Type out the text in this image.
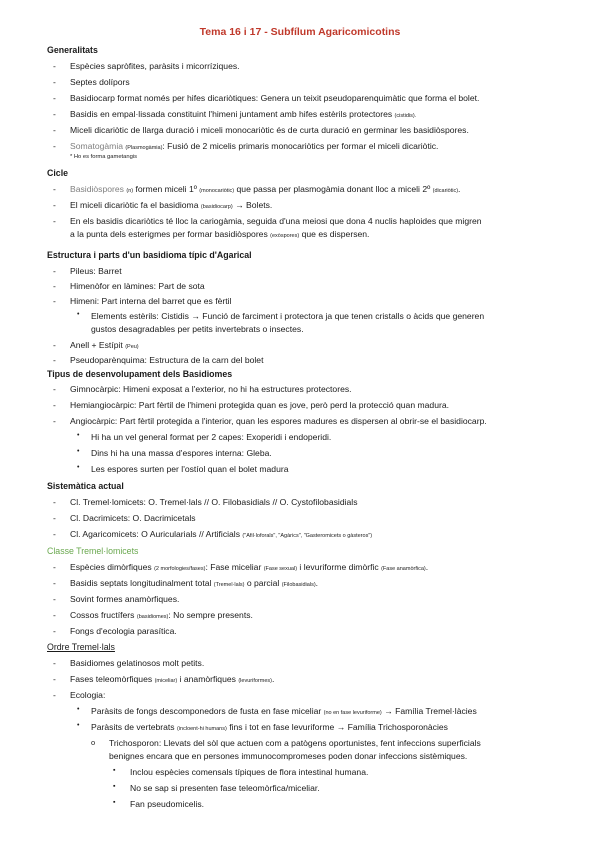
Tema 16 i 17 - Subfílum Agaricomicotins
Generalitats
- Espècies sapròfites, paràsits i micorríziques.
- Septes dolípors
- Basidiocarp format només per hifes dicariòtiques: Genera un teixit pseudoparenquimàtic que forma el bolet.
- Basidis en empal·lissada constituint l'himeni juntament amb hifes estèrils protectores (cistidis).
- Miceli dicariòtic de llarga duració i miceli monocariòtic és de curta duració en germinar les basidiòspores.
- Somatogàmia (Plasmogàmia): Fusió de 2 micelis primaris monocariòtics per formar el miceli dicariòtic.
* Ho es forma gametangis
Cicle
- Basidiòspores (n) formen miceli 1º (monocariòtic) que passa per plasmogàmia donant lloc a miceli 2º (dicariòtic).
- El miceli dicariòtic fa el basidioma (basidiocarp) → Bolets.
- En els basidis dicariòtics té lloc la cariogàmia, seguida d'una meiosi que dona 4 nuclis haploides que migren
a la punta dels esterigmes per formar basidiòspores (exòspores) que es dispersen.
Estructura i parts d'un basidioma típic d'Agarical
- Pileus: Barret
- Himenòfor en làmines: Part de sota
- Himeni: Part interna del barret que es fèrtil
• Elements estèrils: Cistidis → Funció de farciment i protectora ja que tenen cristalls o àcids que generen
gustos desagradables per petits invertebrats o insectes.
- Anell + Estípit (Peu)
- Pseudoparènquima: Estructura de la carn del bolet
Tipus de desenvolupament dels Basidiomes
- Gimnocàrpic: Himeni exposat a l'exterior, no hi ha estructures protectores.
- Hemiangiocàrpic: Part fèrtil de l'himeni protegida quan es jove, però perd la protecció quan madura.
- Angiocàrpic: Part fèrtil protegida a l'interior, quan les espores madures es dispersen al obrir-se el basidiocarp.
• Hi ha un vel general format per 2 capes: Exoperidi i endoperidi.
• Dins hi ha una massa d'espores interna: Gleba.
• Les espores surten per l'ostíol quan el bolet madura
Sistemàtica actual
- Cl. Tremel·lomicets: O. Tremel·lals // O. Filobasidials // O. Cystofilobasidials
- Cl. Dacrimicets: O. Dacrimicetals
- Cl. Agaricomicets: O Auricularials // Artificials ("Afil·loforals", "Agàrics", "Gasteromicets o gàsteros")
Classe Tremel·lomicets
- Espècies dimòrfiques (2 morfologies/fases): Fase miceliar (Fase sexual) i levuriforme dimòrfic (Fase anamòrfica).
- Basidis septats longitudinalment total (Tremel·lals) o parcial (Filobasidials).
- Sovint formes anamòrfiques.
- Cossos fructífers (basidiomes): No sempre presents.
- Fongs d'ecologia parasítica.
Ordre Tremel·lals
- Basidiomes gelatinosos molt petits.
- Fases teleomòrfiques (miceliar) i anamòrfiques (levuriformes).
- Ecologia:
• Paràsits de fongs descomponedors de fusta en fase miceliar (no en fase levuriforme) → Família Tremel·làcies
• Paràsits de vertebrats (incloent-hi humans) fins i tot en fase levuriforme → Família Trichosporonàcies
o Trichosporon: Llevats del sòl que actuen com a patògens oportunistes, fent infeccions superficials
benignes encara que en persones immunocompromeses poden donar infeccions sistèmiques.
▪ Inclou espècies comensals típiques de flora intestinal humana.
▪ No se sap si presenten fase teleomòrfica/miceliar.
▪ Fan pseudomicelis.
